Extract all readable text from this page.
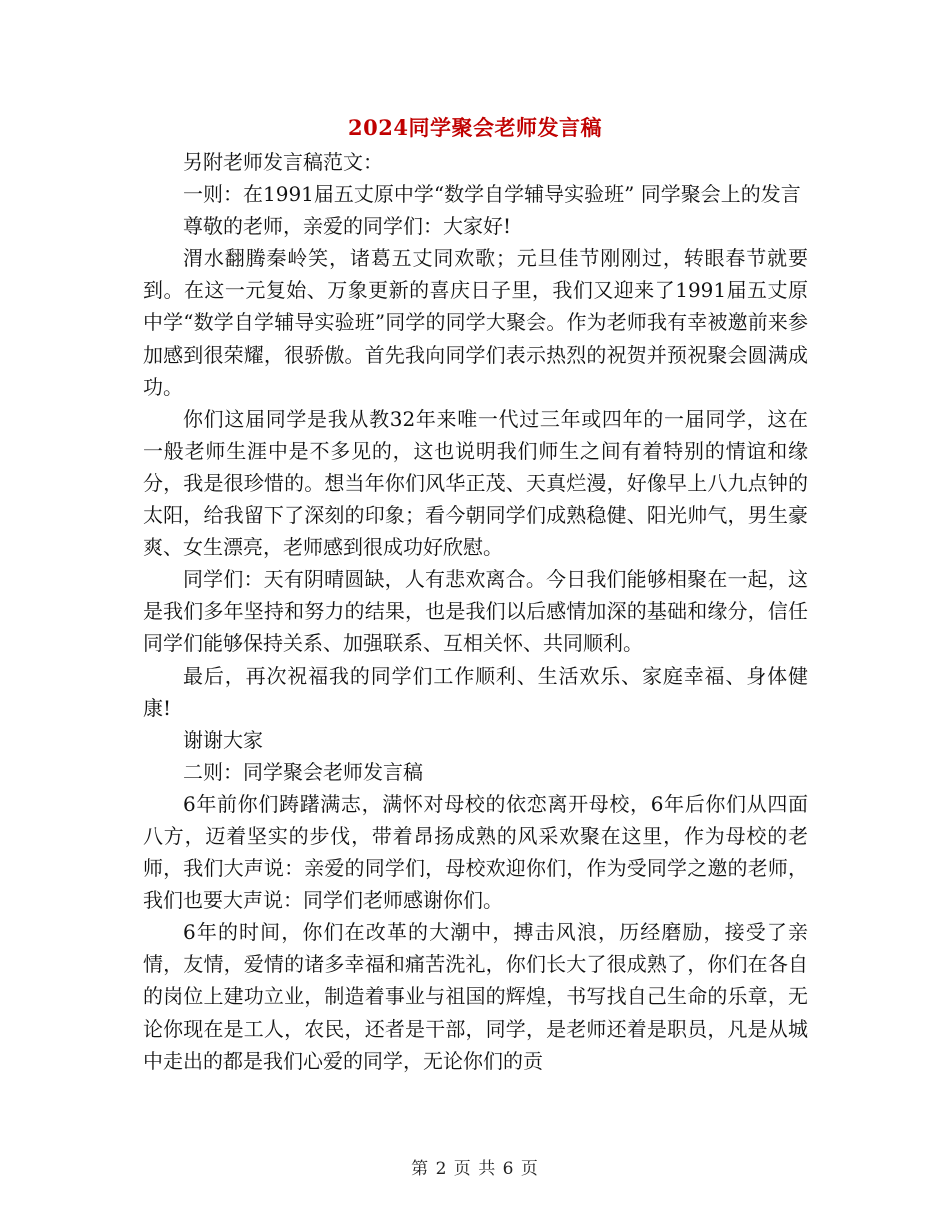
2024同学聚会老师发言稿

另附老师发言稿范文：

一则：在1991届五丈原中学“数学自学辅导实验班” 同学聚会上的发言

尊敬的老师，亲爱的同学们：大家好!

渭水翻腾秦岭笑，诸葛五丈同欢歌；元旦佳节刚刚过，转眼春节就要到。在这一元复始、万象更新的喜庆日子里，我们又迎来了1991届五丈原中学“数学自学辅导实验班”同学的同学大聚会。作为老师我有幸被邀前来参加感到很荣耀，很骄傲。首先我向同学们表示热烈的祝贺并预祝聚会圆满成功。

你们这届同学是我从教32年来唯一代过三年或四年的一届同学，这在一般老师生涯中是不多见的，这也说明我们师生之间有着特别的情谊和缘分，我是很珍惜的。想当年你们风华正茂、天真烂漫，好像早上八九点钟的太阳，给我留下了深刻的印象；看今朝同学们成熟稳健、阳光帅气，男生豪爽、女生漂亮，老师感到很成功好欣慰。

同学们：天有阴晴圆缺，人有悲欢离合。今日我们能够相聚在一起，这是我们多年坚持和努力的结果，也是我们以后感情加深的基础和缘分，信任同学们能够保持关系、加强联系、互相关怀、共同顺利。

最后，再次祝福我的同学们工作顺利、生活欢乐、家庭幸福、身体健康!

谢谢大家

二则：同学聚会老师发言稿

6年前你们踌躇满志，满怀对母校的依恋离开母校，6年后你们从四面八方，迈着坚实的步伐，带着昂扬成熟的风采欢聚在这里，作为母校的老师，我们大声说：亲爱的同学们，母校欢迎你们，作为受同学之邀的老师，我们也要大声说：同学们老师感谢你们。

6年的时间，你们在改革的大潮中，搏击风浪，历经磨励，接受了亲情，友情，爱情的诸多幸福和痛苦洗礼，你们长大了很成熟了，你们在各自的岗位上建功立业，制造着事业与祖国的辉煌，书写找自己生命的乐章，无论你现在是工人，农民，还者是干部，同学，是老师还着是职员，凡是从城中走出的都是我们心爱的同学，无论你们的贡

第 2 页 共 6 页
